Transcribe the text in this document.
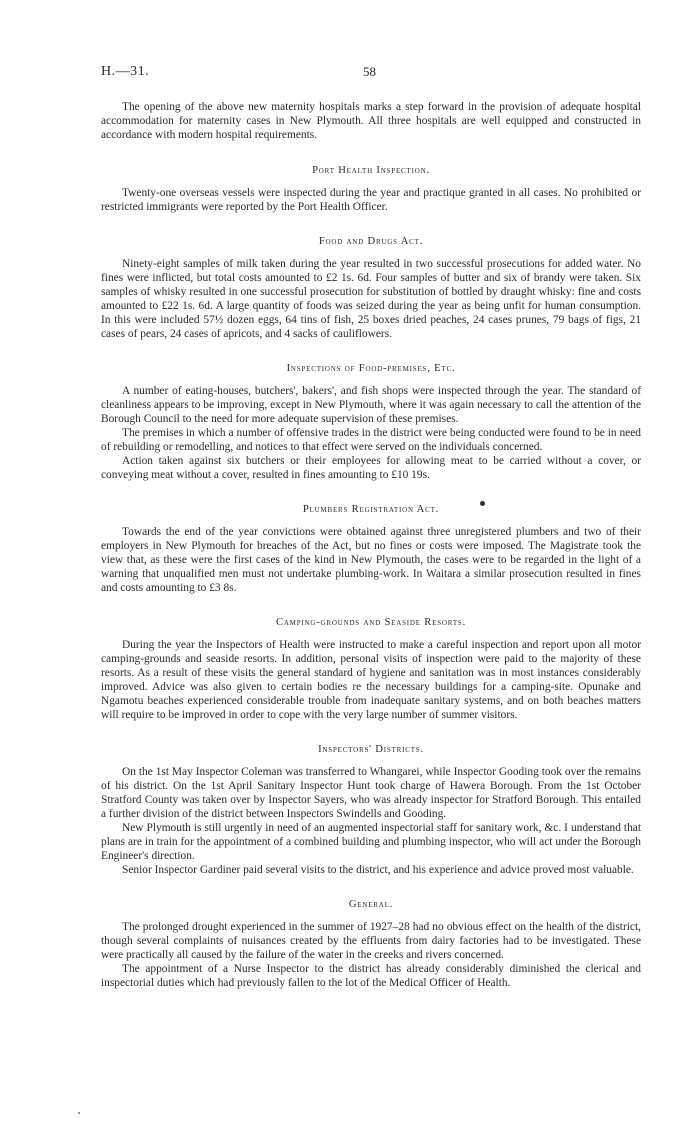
H.—31.	58

The opening of the above new maternity hospitals marks a step forward in the provision of adequate hospital accommodation for maternity cases in New Plymouth. All three hospitals are well equipped and constructed in accordance with modern hospital requirements.

Port Health Inspection.

Twenty-one overseas vessels were inspected during the year and practique granted in all cases. No prohibited or restricted immigrants were reported by the Port Health Officer.

Food and Drugs Act.

Ninety-eight samples of milk taken during the year resulted in two successful prosecutions for added water. No fines were inflicted, but total costs amounted to £2 1s. 6d. Four samples of butter and six of brandy were taken. Six samples of whisky resulted in one successful prosecution for substitution of bottled by draught whisky: fine and costs amounted to £22 1s. 6d. A large quantity of foods was seized during the year as being unfit for human consumption. In this were included 57½ dozen eggs, 64 tins of fish, 25 boxes dried peaches, 24 cases prunes, 79 bags of figs, 21 cases of pears, 24 cases of apricots, and 4 sacks of cauliflowers.

Inspections of Food-premises, Etc.

A number of eating-houses, butchers', bakers', and fish shops were inspected through the year. The standard of cleanliness appears to be improving, except in New Plymouth, where it was again necessary to call the attention of the Borough Council to the need for more adequate supervision of these premises.

The premises in which a number of offensive trades in the district were being conducted were found to be in need of rebuilding or remodelling, and notices to that effect were served on the individuals concerned.

Action taken against six butchers or their employees for allowing meat to be carried without a cover, or conveying meat without a cover, resulted in fines amounting to £10 19s.

Plumbers Registration Act.

Towards the end of the year convictions were obtained against three unregistered plumbers and two of their employers in New Plymouth for breaches of the Act, but no fines or costs were imposed. The Magistrate took the view that, as these were the first cases of the kind in New Plymouth, the cases were to be regarded in the light of a warning that unqualified men must not undertake plumbing-work. In Waitara a similar prosecution resulted in fines and costs amounting to £3 8s.

Camping-grounds and Seaside Resorts.

During the year the Inspectors of Health were instructed to make a careful inspection and report upon all motor camping-grounds and seaside resorts. In addition, personal visits of inspection were paid to the majority of these resorts. As a result of these visits the general standard of hygiene and sanitation was in most instances considerably improved. Advice was also given to certain bodies re the necessary buildings for a camping-site. Opunake and Ngamotu beaches experienced considerable trouble from inadequate sanitary systems, and on both beaches matters will require to be improved in order to cope with the very large number of summer visitors.

Inspectors' Districts.

On the 1st May Inspector Coleman was transferred to Whangarei, while Inspector Gooding took over the remains of his district. On the 1st April Sanitary Inspector Hunt took charge of Hawera Borough. From the 1st October Stratford County was taken over by Inspector Sayers, who was already inspector for Stratford Borough. This entailed a further division of the district between Inspectors Swindells and Gooding.

New Plymouth is still urgently in need of an augmented inspectorial staff for sanitary work, &c. I understand that plans are in train for the appointment of a combined building and plumbing inspector, who will act under the Borough Engineer's direction.

Senior Inspector Gardiner paid several visits to the district, and his experience and advice proved most valuable.

General.

The prolonged drought experienced in the summer of 1927–28 had no obvious effect on the health of the district, though several complaints of nuisances created by the effluents from dairy factories had to be investigated. These were practically all caused by the failure of the water in the creeks and rivers concerned.

The appointment of a Nurse Inspector to the district has already considerably diminished the clerical and inspectorial duties which had previously fallen to the lot of the Medical Officer of Health.
